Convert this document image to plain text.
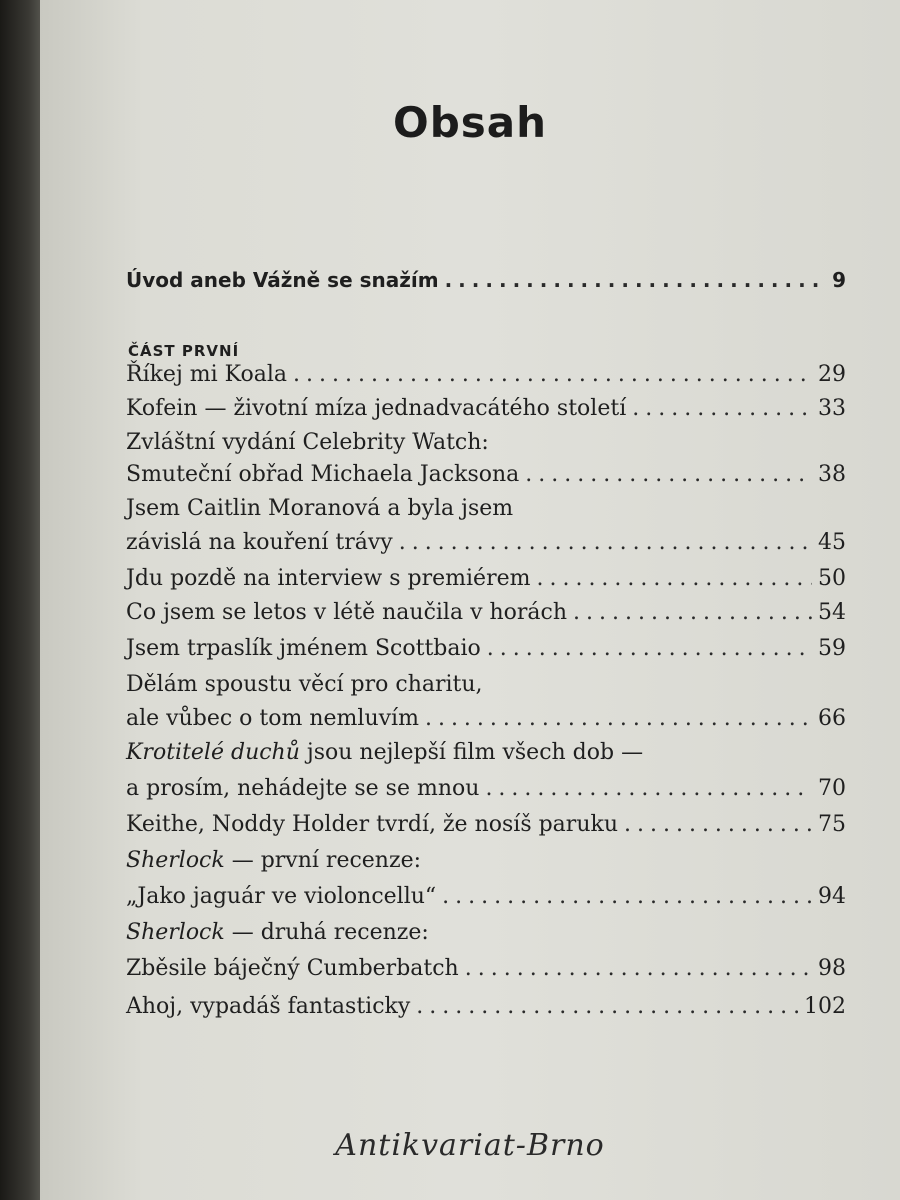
Obsah
Úvod aneb Vážně se snažím .....	9
ČÁST PRVNÍ
Říkej mi Koala .....	29
Kofein — životní míza jednadvacátého století .....	33
Zvláštní vydání Celebrity Watch:
Smuteční obřad Michaela Jacksona .....	38
Jsem Caitlin Moranová a byla jsem
závislá na kouření trávy .....	45
Jdu pozdě na interview s premiérem .....	50
Co jsem se letos v létě naučila v horách .....	54
Jsem trpaslík jménem Scottbaio .....	59
Dělám spoustu věcí pro charitu,
ale vůbec o tom nemluvím .....	66
Krotitelé duchů jsou nejlepší film všech dob —
a prosím, nehádejte se se mnou .....	70
Keithe, Noddy Holder tvrdí, že nosíš paruku .....	75
Sherlock — první recenze:
„Jako jaguár ve violoncellu“ .....	94
Sherlock — druhá recenze:
Zběsile báječný Cumberbatch .....	98
Ahoj, vypadáš fantasticky .....	102
Antikvariat-Brno
